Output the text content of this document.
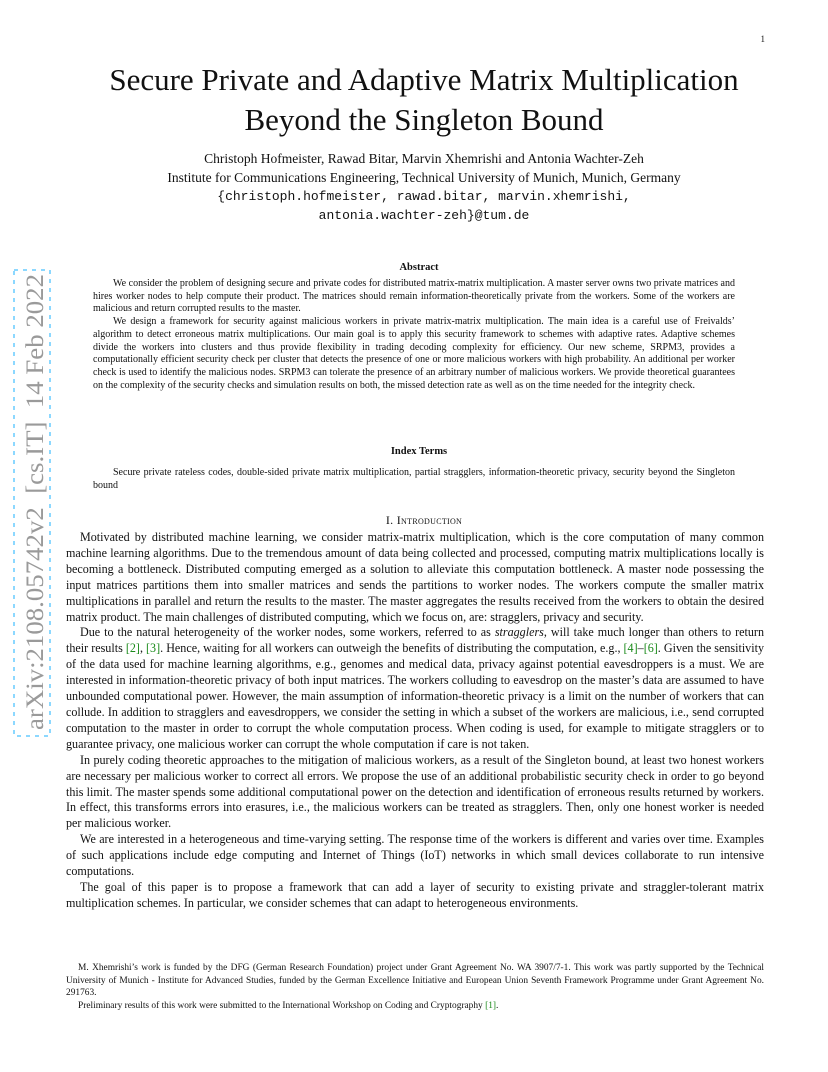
1
arXiv:2108.05742v2  [cs.IT]  14 Feb 2022
Secure Private and Adaptive Matrix Multiplication
Beyond the Singleton Bound
Christoph Hofmeister, Rawad Bitar, Marvin Xhemrishi and Antonia Wachter-Zeh
Institute for Communications Engineering, Technical University of Munich, Munich, Germany
{christoph.hofmeister, rawad.bitar, marvin.xhemrishi,
antonia.wachter-zeh}@tum.de
Abstract

We consider the problem of designing secure and private codes for distributed matrix-matrix multiplication. A master server owns two private matrices and hires worker nodes to help compute their product. The matrices should remain information-theoretically private from the workers. Some of the workers are malicious and return corrupted results to the master.

We design a framework for security against malicious workers in private matrix-matrix multiplication. The main idea is a careful use of Freivalds’ algorithm to detect erroneous matrix multiplications. Our main goal is to apply this security framework to schemes with adaptive rates. Adaptive schemes divide the workers into clusters and thus provide flexibility in trading decoding complexity for efficiency. Our new scheme, SRPM3, provides a computationally efficient security check per cluster that detects the presence of one or more malicious workers with high probability. An additional per worker check is used to identify the malicious nodes. SRPM3 can tolerate the presence of an arbitrary number of malicious workers. We provide theoretical guarantees on the complexity of the security checks and simulation results on both, the missed detection rate as well as on the time needed for the integrity check.

Index Terms
Secure private rateless codes, double-sided private matrix multiplication, partial stragglers, information-theoretic privacy, security beyond the Singleton bound
I. Introduction

Motivated by distributed machine learning, we consider matrix-matrix multiplication, which is the core computation of many common machine learning algorithms. Due to the tremendous amount of data being collected and processed, computing matrix multiplications locally is becoming a bottleneck. Distributed computing emerged as a solution to alleviate this computation bottleneck. A master node possessing the input matrices partitions them into smaller matrices and sends the partitions to worker nodes. The workers compute the smaller matrix multiplications in parallel and return the results to the master. The master aggregates the results received from the workers to obtain the desired matrix product. The main challenges of distributed computing, which we focus on, are: stragglers, privacy and security.

Due to the natural heterogeneity of the worker nodes, some workers, referred to as stragglers, will take much longer than others to return their results [2], [3]. Hence, waiting for all workers can outweigh the benefits of distributing the computation, e.g., [4]–[6]. Given the sensitivity of the data used for machine learning algorithms, e.g., genomes and medical data, privacy against potential eavesdroppers is a must. We are interested in information-theoretic privacy of both input matrices. The workers colluding to eavesdrop on the master’s data are assumed to have unbounded computational power. However, the main assumption of information-theoretic privacy is a limit on the number of workers that can collude. In addition to stragglers and eavesdroppers, we consider the setting in which a subset of the workers are malicious, i.e., send corrupted computation to the master in order to corrupt the whole computation process. When coding is used, for example to mitigate stragglers or to guarantee privacy, one malicious worker can corrupt the whole computation if care is not taken.

In purely coding theoretic approaches to the mitigation of malicious workers, as a result of the Singleton bound, at least two honest workers are necessary per malicious worker to correct all errors. We propose the use of an additional probabilistic security check in order to go beyond this limit. The master spends some additional computational power on the detection and identification of erroneous results returned by workers. In effect, this transforms errors into erasures, i.e., the malicious workers can be treated as stragglers. Then, only one honest worker is needed per malicious worker.

We are interested in a heterogeneous and time-varying setting. The response time of the workers is different and varies over time. Examples of such applications include edge computing and Internet of Things (IoT) networks in which small devices collaborate to run intensive computations.

The goal of this paper is to propose a framework that can add a layer of security to existing private and straggler-tolerant matrix multiplication schemes. In particular, we consider schemes that can adapt to heterogeneous environments.

M. Xhemrishi’s work is funded by the DFG (German Research Foundation) project under Grant Agreement No. WA 3907/7-1. This work was partly supported by the Technical University of Munich - Institute for Advanced Studies, funded by the German Excellence Initiative and European Union Seventh Framework Programme under Grant Agreement No. 291763.

Preliminary results of this work were submitted to the International Workshop on Coding and Cryptography [1].
